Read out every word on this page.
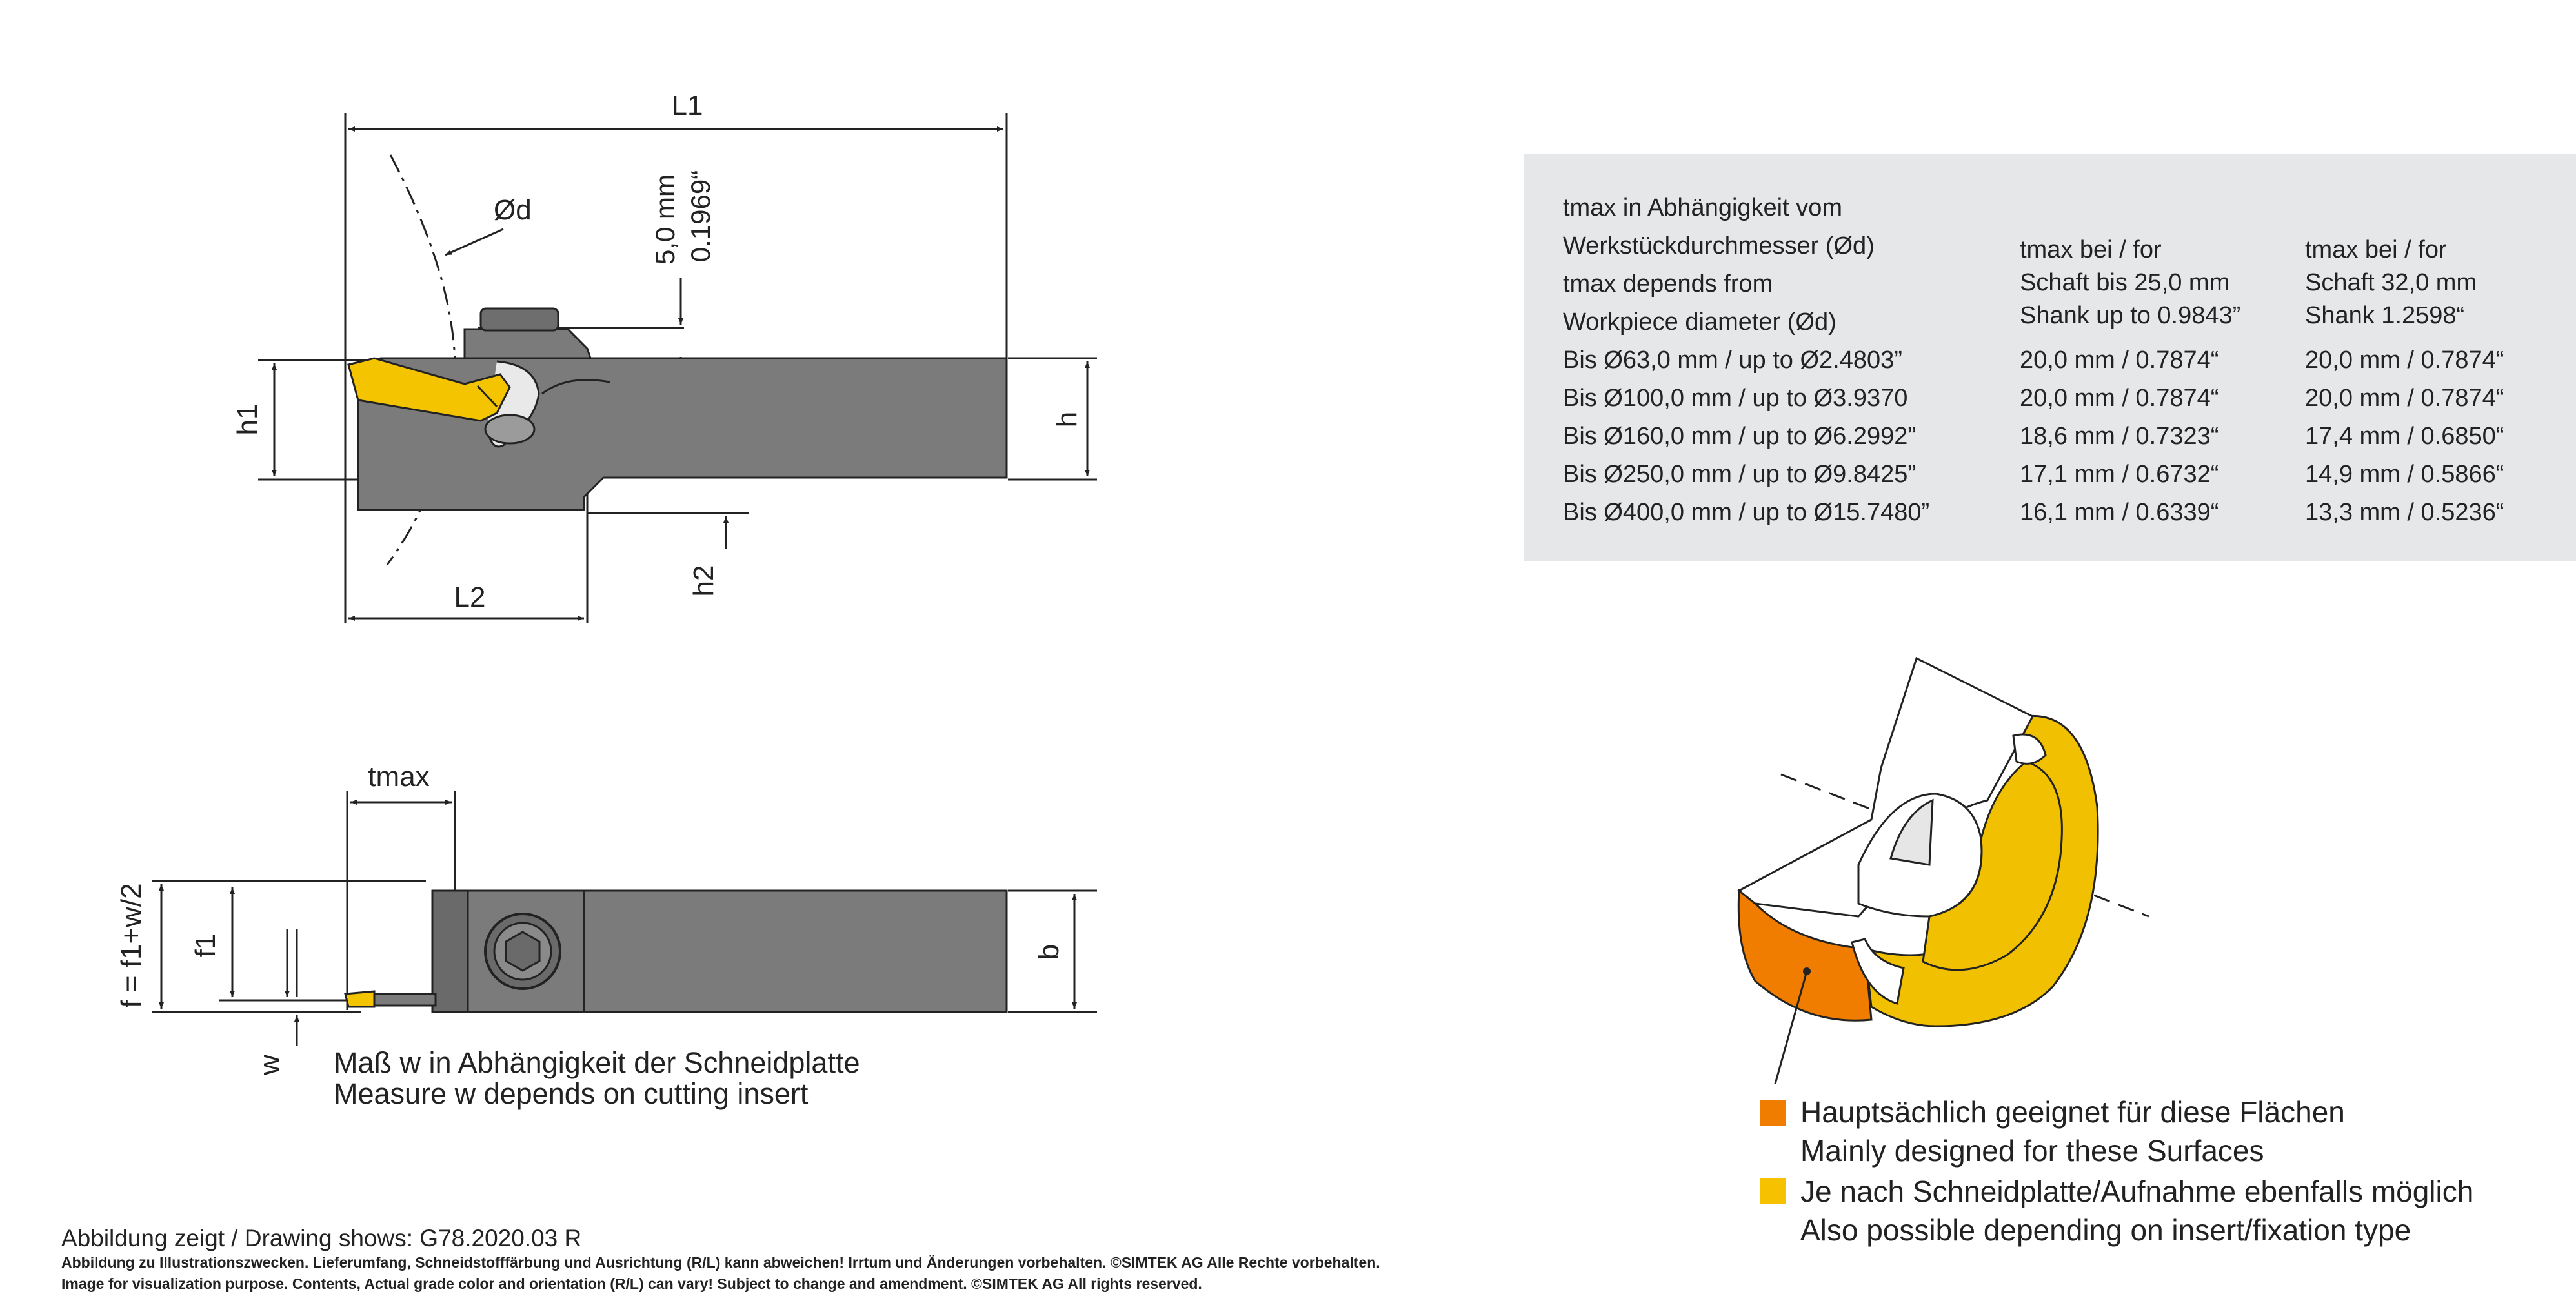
L1
L2
h
h1
h2
Ød	5,0 mm 0.1969“
tmax
b
f = f1+w/2 f1
w Maß w in Abhängigkeit der Schneidplatte
Measure w depends on cutting insert
tmax in Abhängigkeit vom
Werkstückdurchmesser (Ød)
tmax depends from
Workpiece diameter (Ød)
tmax bei / for
Schaft bis 25,0 mm
Shank up to 0.9843”
tmax bei / for
Schaft 32,0 mm
Shank 1.2598“
Bis Ø63,0 mm / up to Ø2.4803”	20,0 mm / 0.7874“	20,0 mm / 0.7874“
Bis Ø100,0 mm / up to Ø3.9370	20,0 mm / 0.7874“	20,0 mm / 0.7874“
Bis Ø160,0 mm / up to Ø6.2992”	18,6 mm / 0.7323“	17,4 mm / 0.6850“
Bis Ø250,0 mm / up to Ø9.8425”	17,1 mm / 0.6732“	14,9 mm / 0.5866“
Bis Ø400,0 mm / up to Ø15.7480”	16,1 mm / 0.6339“	13,3 mm / 0.5236“
Hauptsächlich geeignet für diese Flächen
Mainly designed for these Surfaces
Je nach Schneidplatte/Aufnahme ebenfalls möglich
Also possible depending on insert/fixation type
Abbildung zeigt / Drawing shows: G78.2020.03 R
Abbildung zu Illustrationszwecken. Lieferumfang, Schneidstofffärbung und Ausrichtung (R/L) kann abweichen! Irrtum und Änderungen vorbehalten. ©SIMTEK AG Alle Rechte vorbehalten.
Image for visualization purpose. Contents, Actual grade color and orientation (R/L) can vary! Subject to change and amendment. ©SIMTEK AG All rights reserved.
